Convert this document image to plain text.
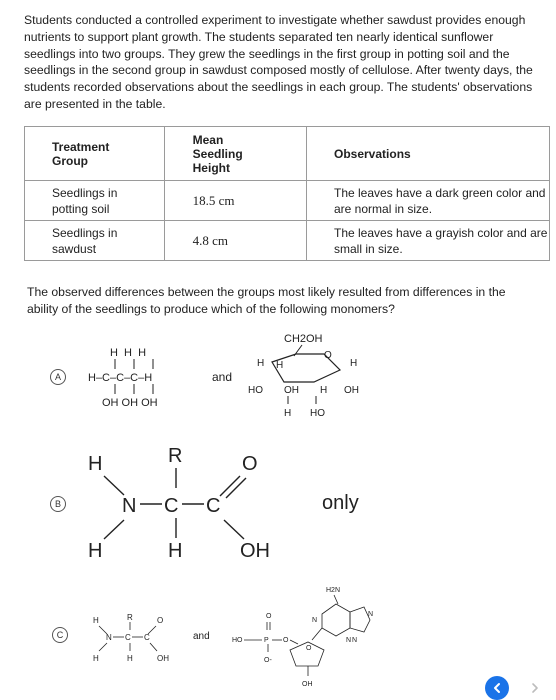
Students conducted a controlled experiment to investigate whether sawdust provides enough nutrients to support plant growth. The students separated ten nearly identical sunflower seedlings into two groups. They grew the seedlings in the first group in potting soil and the seedlings in the second group in sawdust composed mostly of cellulose. After twenty days, the students recorded observations about the seedlings in each group. The students' observations are presented in the table.
Treatment Group	Mean Seedling Height	Observations

Seedlings in potting soil	18.5 cm	The leaves have a dark green color and are normal in size.

Seedlings in sawdust	4.8 cm	The leaves have a grayish color and are small in size.
The observed differences between the groups most likely resulted from differences in the ability of the seedlings to produce which of the following monomers?
A
H  H  H
H–C–C–C–H
OH OH OH
and
CH2OH
O
H H	H
HO OH H OH
H HO
B
H	R	O
N C C
H	H	OH
only
C
H	R	O
N C C
H	H	OH
and
H2N
N
N
N N
O
OH
O
HO	P O
O-
